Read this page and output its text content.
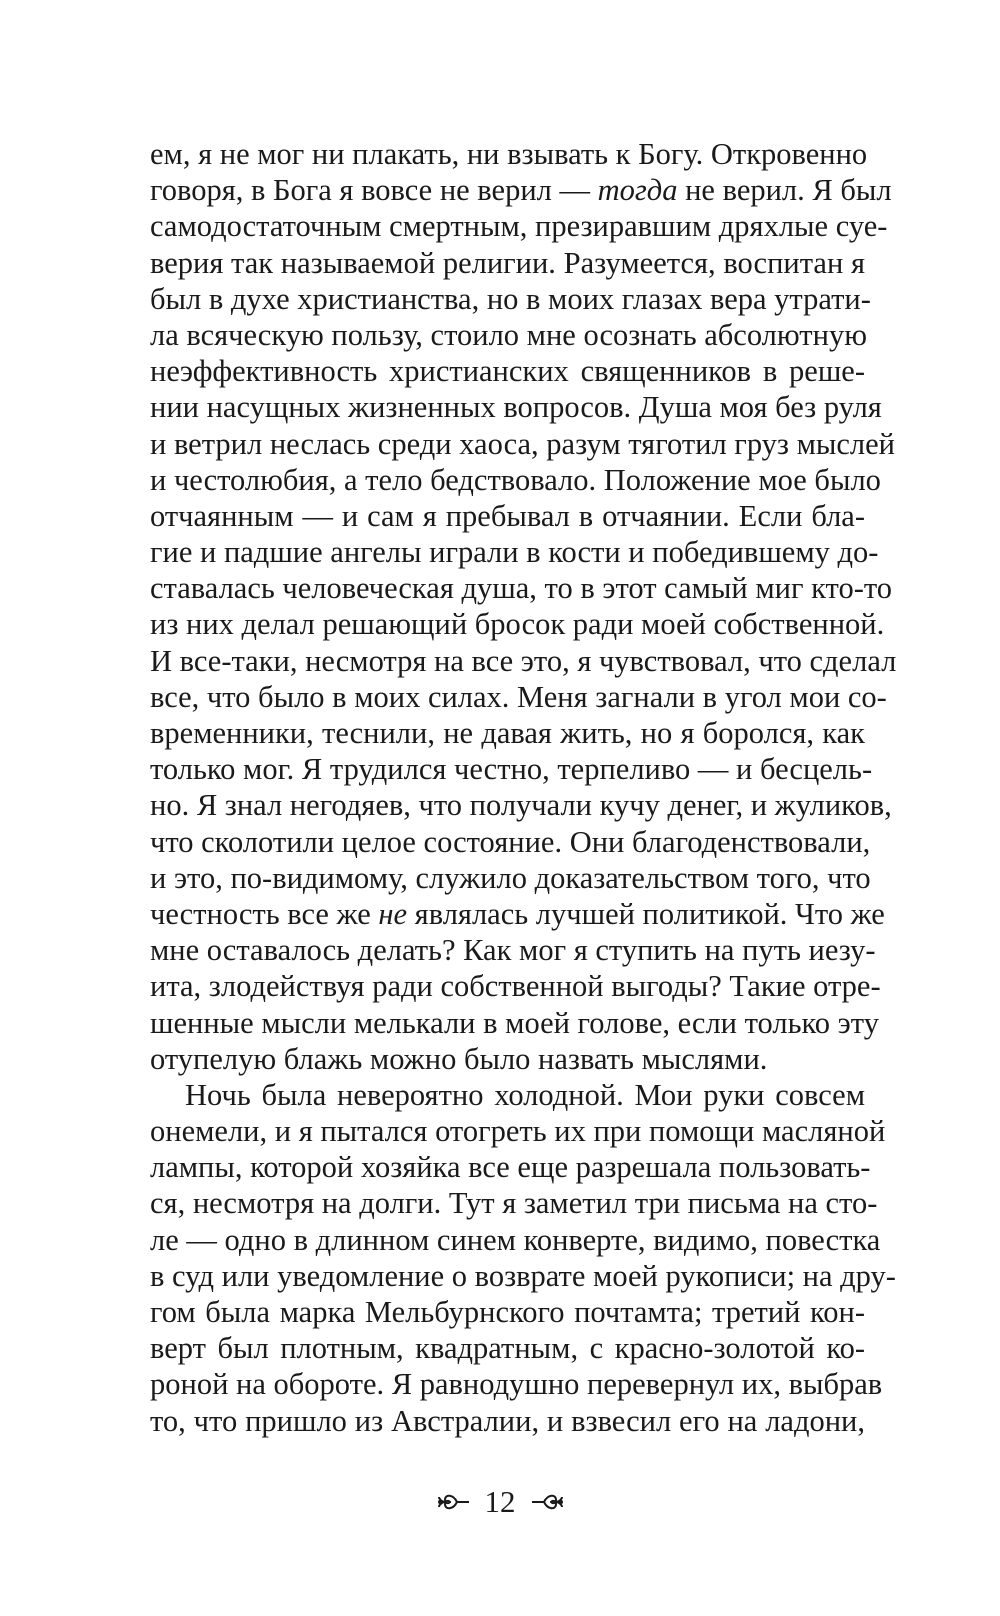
ем, я не мог ни плакать, ни взывать к Богу. Откровенно
говоря, в Бога я вовсе не верил — тогда не верил. Я был
самодостаточным смертным, презиравшим дряхлые суе-
верия так называемой религии. Разумеется, воспитан я
был в духе христианства, но в моих глазах вера утрати-
ла всяческую пользу, стоило мне осознать абсолютную
неэффективность христианских священников в реше-
нии насущных жизненных вопросов. Душа моя без руля
и ветрил неслась среди хаоса, разум тяготил груз мыслей
и честолюбия, а тело бедствовало. Положение мое было
отчаянным — и сам я пребывал в отчаянии. Если бла-
гие и падшие ангелы играли в кости и победившему до-
ставалась человеческая душа, то в этот самый миг кто-то
из них делал решающий бросок ради моей собственной.
И все-таки, несмотря на все это, я чувствовал, что сделал
все, что было в моих силах. Меня загнали в угол мои со-
временники, теснили, не давая жить, но я боролся, как
только мог. Я трудился честно, терпеливо — и бесцель-
но. Я знал негодяев, что получали кучу денег, и жуликов,
что сколотили целое состояние. Они благоденствовали,
и это, по-видимому, служило доказательством того, что
честность все же не являлась лучшей политикой. Что же
мне оставалось делать? Как мог я ступить на путь иезу-
ита, злодействуя ради собственной выгоды? Такие отре-
шенные мысли мелькали в моей голове, если только эту
отупелую блажь можно было назвать мыслями.
Ночь была невероятно холодной. Мои руки совсем
онемели, и я пытался отогреть их при помощи масляной
лампы, которой хозяйка все еще разрешала пользовать-
ся, несмотря на долги. Тут я заметил три письма на сто-
ле — одно в длинном синем конверте, видимо, повестка
в суд или уведомление о возврате моей рукописи; на дру-
гом была марка Мельбурнского почтамта; третий кон-
верт был плотным, квадратным, с красно-золотой ко-
роной на обороте. Я равнодушно перевернул их, выбрав
то, что пришло из Австралии, и взвесил его на ладони,
12
